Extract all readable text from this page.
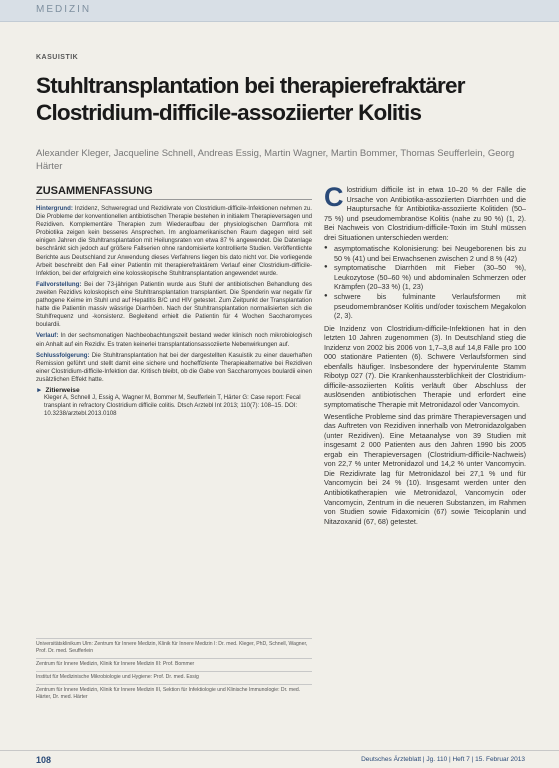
MEDIZIN
KASUISTIK
Stuhltransplantation bei therapierefraktärer Clostridium-difficile-assoziierter Kolitis
Alexander Kleger, Jacqueline Schnell, Andreas Essig, Martin Wagner, Martin Bommer, Thomas Seufferlein, Georg Härter
ZUSAMMENFASSUNG

Hintergrund: Inzidenz, Schweregrad und Rezidivrate von Clostridium-difficile-Infektionen nehmen zu. Die Probleme der konventionellen antibiotischen Therapie bestehen in initialem Therapieversagen und Rezidiven. Komplementäre Therapien zum Wiederaufbau der physiologischen Darmflora mit Probiotika zeigen kein besseres Ansprechen. Im angloamerikanischen Raum dagegen wird seit einigen Jahren die Stuhltransplantation mit Heilungsraten von etwa 87 % angewendet. Die Datenlage beschränkt sich jedoch auf größere Fallserien ohne randomisierte kontrollierte Studien. Veröffentlichte Berichte aus Deutschland zur Anwendung dieses Verfahrens liegen bis dato nicht vor. Die vorliegende Arbeit beschreibt den Fall einer Patientin mit therapierefraktärem Verlauf einer Clostridium-difficile-Infektion, bei der erfolgreich eine kolosskopische Stuhltransplantation angewendet wurde.

Fallvorstellung: Bei der 73-jährigen Patientin wurde aus Stuhl der antibiotischen Behandlung des zweiten Rezidivs koloskopisch eine Stuhltransplantation transplantiert. Die Spenderin war negativ für pathogene Keime im Stuhl und auf Hepatitis B/C und HIV getestet. Zum Zeitpunkt der Transplantation hatte die Patientin massiv wässrige Diarrhöen. Nach der Stuhltransplantation normalisierten sich die Stuhlfrequenz und -konsistenz. Begleitend erhielt die Patientin für 4 Wochen Saccharomyces boulardii.

Verlauf: In der sechsmonatigen Nachbeobachtungszeit bestand weder klinisch noch mikrobiologisch ein Anhalt auf ein Rezidiv. Es traten keinerlei transplantationsassoziierte Nebenwirkungen auf.

Schlussfolgerung: Die Stuhltransplantation hat bei der dargestellten Kasuistik zu einer dauerhaften Remission geführt und stellt damit eine sichere und hocheffiziente Therapiealternative bei Rezidiven einer Clostridium-difficile-Infektion dar. Kritisch bleibt, ob die Gabe von Saccharomyces boulardii einen zusätzlichen Effekt hatte.

► Zitierweise

Kleger A, Schnell J, Essig A, Wagner M, Bommer M, Seufferlein T, Härter G: Case report: Fecal transplant in refractory Clostridium difficile colitis. Dtsch Arztebl Int 2013; 110(7): 108–15. DOI: 10.3238/arztebl.2013.0108

Universitätsklinikum Ulm: Zentrum für Innere Medizin, Klinik für Innere Medizin I: Dr. med. Kleger, PhD, Schnell, Wagner, Prof. Dr. med. Seufferlein

Zentrum für Innere Medizin, Klinik für Innere Medizin III: Prof. Bommer

Institut für Medizinische Mikrobiologie und Hygiene: Prof. Dr. med. Essig

Zentrum für Innere Medizin, Klinik für Innere Medizin III, Sektion für Infektiologie und Klinische Immunologie: Dr. med. Härter, Dr. med. Härter

Clostridium difficile ist in etwa 10–20 % der Fälle die Ursache von Antibiotika-assoziierten Diarrhöen und die Hauptursache für Antibiotika-assoziierte Kolitiden (50–75 %) und pseudomembranöse Kolitis (nahe zu 90 %) (1, 2). Bei Nachweis von Clostridium-difficile-Toxin im Stuhl müssen drei Situationen unterschieden werden:

● asymptomatische Kolonisierung: bei Neugeborenen bis zu 50 % (41) und bei Erwachsenen zwischen 2 und 8 % (42)
● symptomatische Diarrhöen mit Fieber (30–50 %), Leukozytose (50–60 %) und abdominalen Schmerzen oder Krämpfen (20–33 %) (1, 23)
● schwere bis fulminante Verlaufsformen mit pseudomembranöser Kolitis und/oder toxischem Megakolon (2, 3).

Die Inzidenz von Clostridium-difficile-Infektionen hat in den letzten 10 Jahren zugenommen (3). In Deutschland stieg die Inzidenz von 2002 bis 2006 von 1,7–3,8 auf 14,8 Fälle pro 100 000 stationäre Patienten (6). Schwere Verlaufsformen sind ebenfalls häufiger. Insbesondere der hypervirulente Stamm Ribotyp 027 (7). Die Krankenhaussterblichkeit der Clostridium-difficile-assoziierten Kolitis verläuft über Abschluss der auslösenden antibiotischen Therapie und erfordert eine symptomatische Therapie mit Metronidazol oder Vancomycin.

Wesentliche Probleme sind das primäre Therapieversagen und das Auftreten von Rezidiven innerhalb von Metronidazolgaben (unter Rezidiven). Eine Metaanalyse von 39 Studien mit insgesamt 2 000 Patienten aus den Jahren 1990 bis 2005 ergab ein Therapieversagen (Clostridium-difficile-Nachweis) von 22,7 % unter Metronidazol und 14,2 % unter Vancomycin. Die Rezidivrate lag für Metronidazol bei 27,1 % und für Vancomycin bei 24 % (10). Insgesamt werden unter den Antibiotikatherapien wie Metronidazol, Vancomycin oder Vancomycin, Zentrum in die neueren Substanzen, im Rahmen von Studien sowie Fidaxomicin (67) sowie Teicoplanin und Nitazoxanid (67, 68) getestet.

108	Deutsches Ärzteblatt | Jg. 110 | Heft 7 | 15. Februar 2013
